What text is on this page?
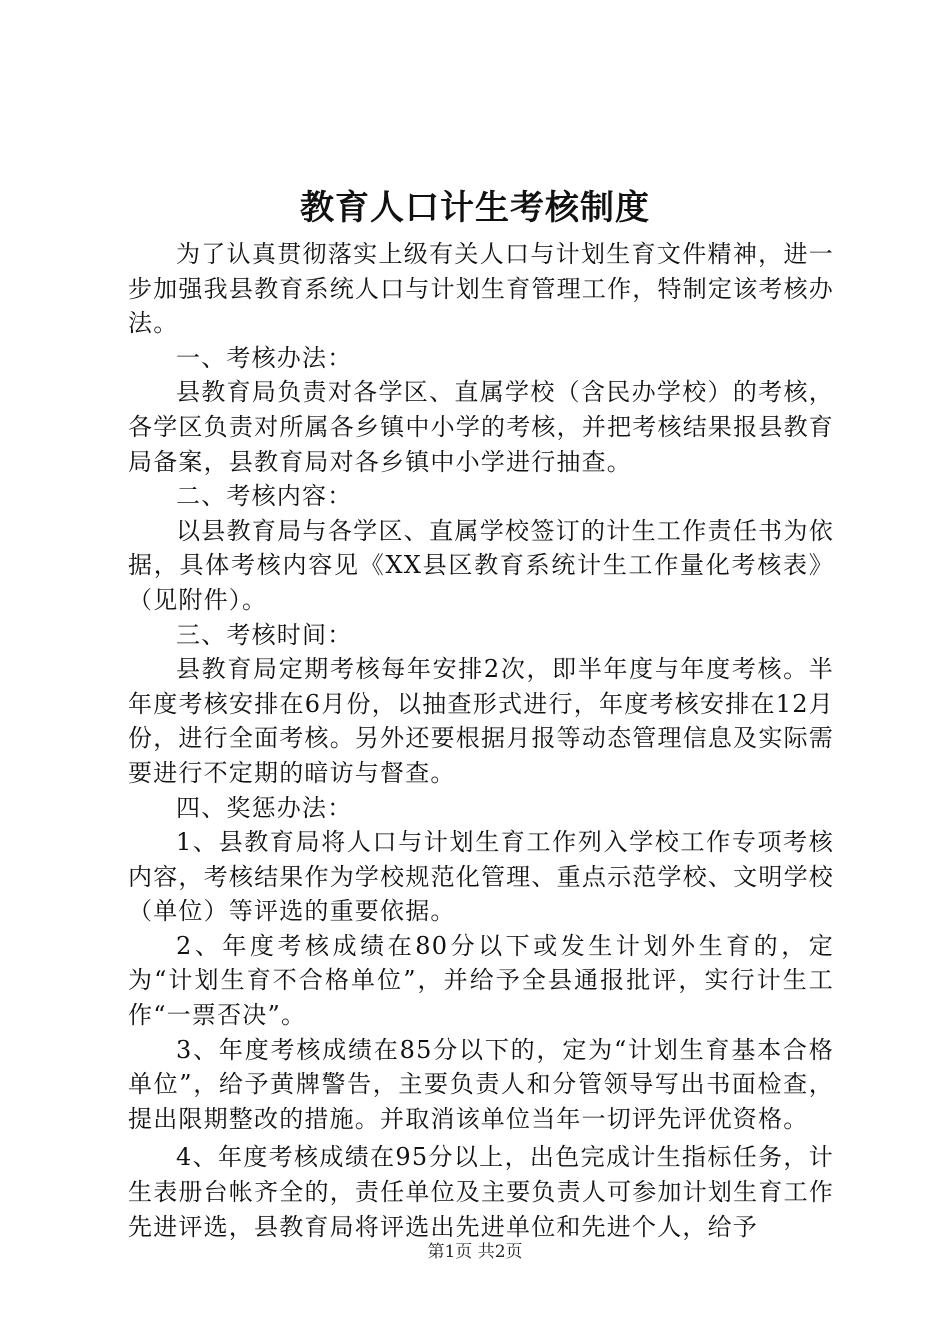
教育人口计生考核制度

为了认真贯彻落实上级有关人口与计划生育文件精神，进一步加强我县教育系统人口与计划生育管理工作，特制定该考核办法。

一、考核办法：

县教育局负责对各学区、直属学校（含民办学校）的考核，各学区负责对所属各乡镇中小学的考核，并把考核结果报县教育局备案，县教育局对各乡镇中小学进行抽查。

二、考核内容：

以县教育局与各学区、直属学校签订的计生工作责任书为依据，具体考核内容见《XX县区教育系统计生工作量化考核表》（见附件）。

三、考核时间：

县教育局定期考核每年安排2次，即半年度与年度考核。半年度考核安排在6月份，以抽查形式进行，年度考核安排在12月份，进行全面考核。另外还要根据月报等动态管理信息及实际需要进行不定期的暗访与督查。

四、奖惩办法：

1、县教育局将人口与计划生育工作列入学校工作专项考核内容，考核结果作为学校规范化管理、重点示范学校、文明学校（单位）等评选的重要依据。

2、年度考核成绩在80分以下或发生计划外生育的，定为“计划生育不合格单位”，并给予全县通报批评，实行计生工作“一票否决”。

3、年度考核成绩在85分以下的，定为“计划生育基本合格单位”，给予黄牌警告，主要负责人和分管领导写出书面检查，提出限期整改的措施。并取消该单位当年一切评先评优资格。

4、年度考核成绩在95分以上，出色完成计生指标任务，计生表册台帐齐全的，责任单位及主要负责人可参加计划生育工作先进评选，县教育局将评选出先进单位和先进个人，给予

第1页 共2页
